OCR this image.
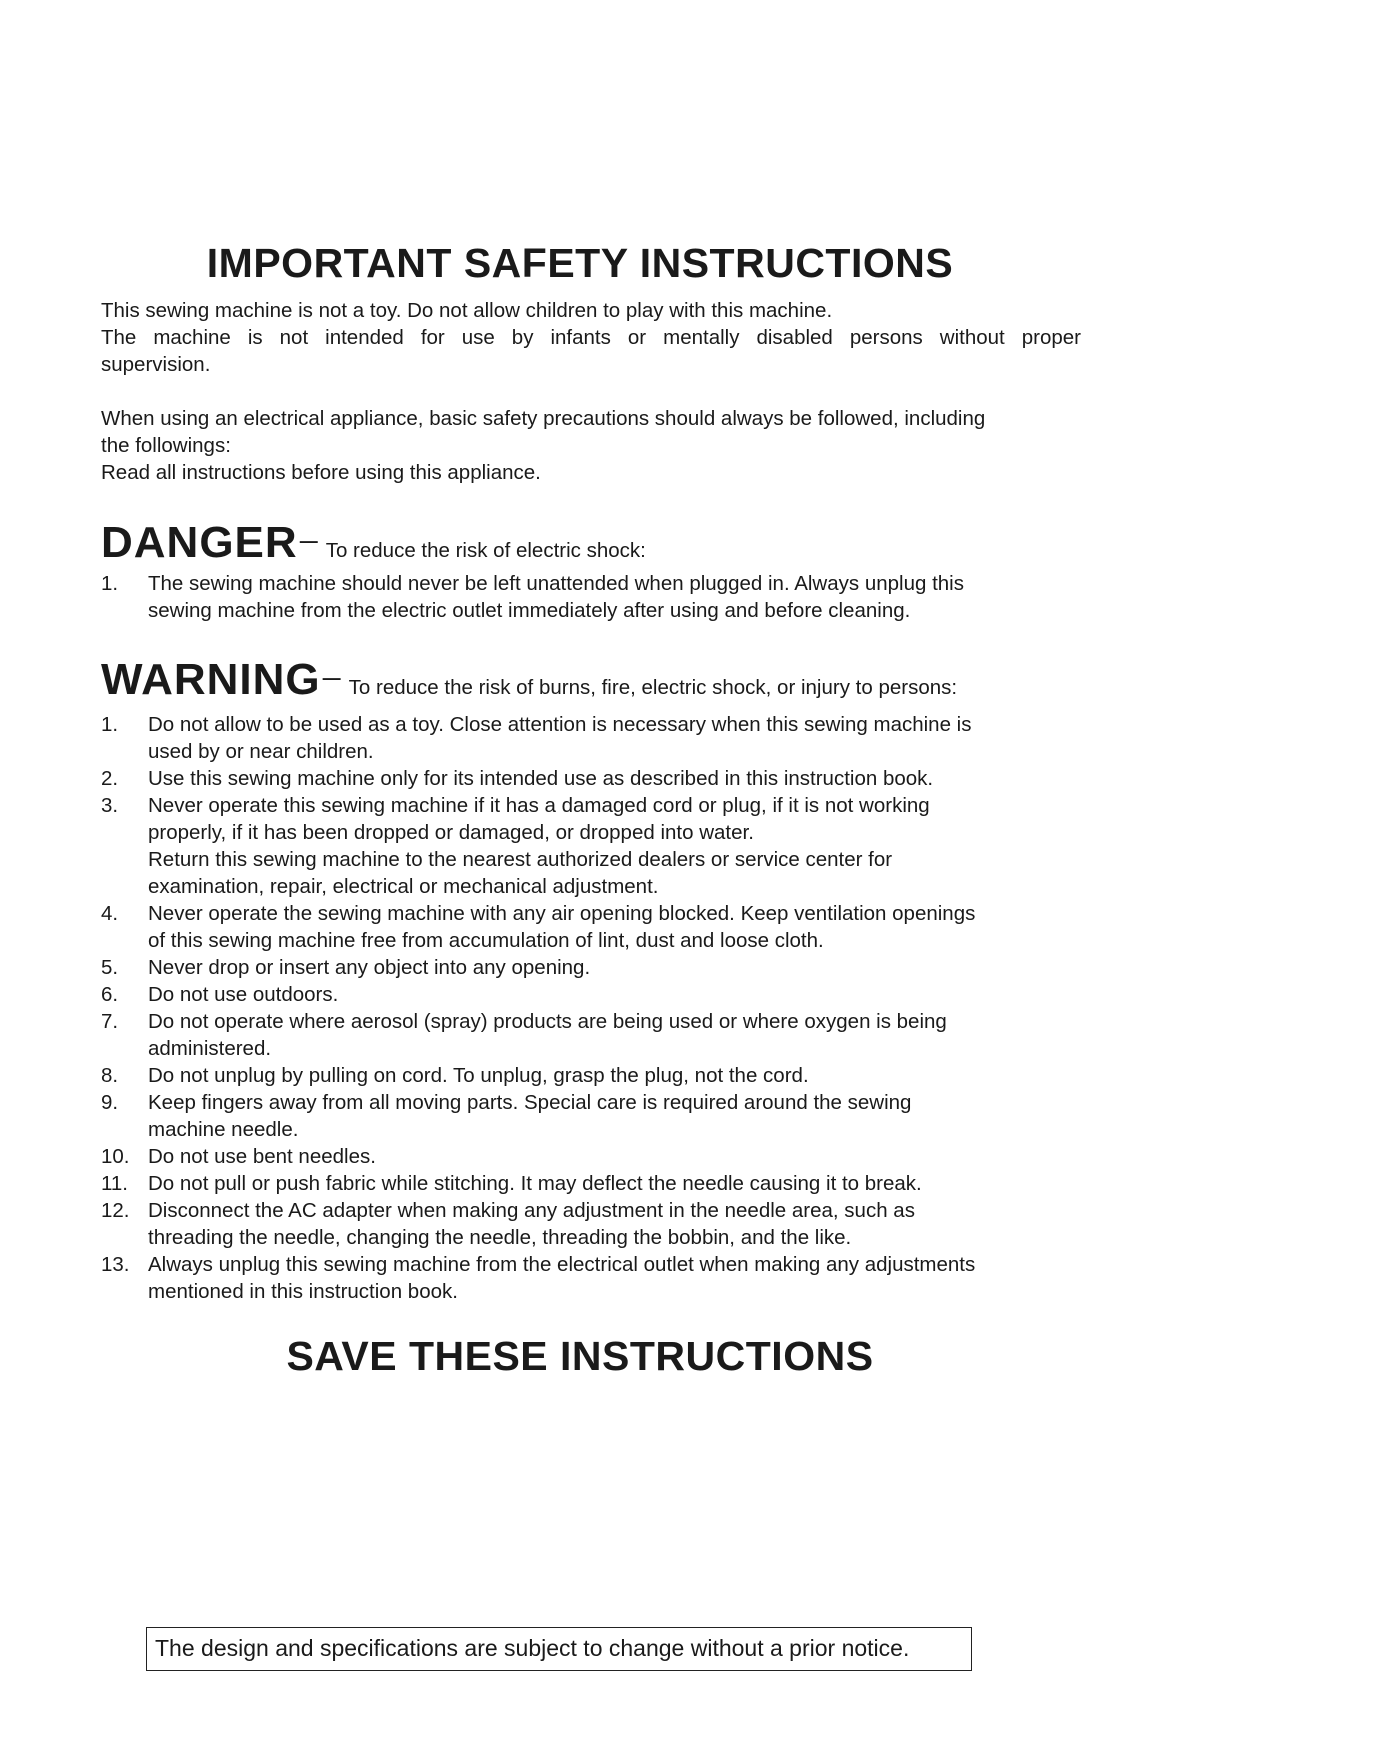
IMPORTANT SAFETY INSTRUCTIONS

This sewing machine is not a toy. Do not allow children to play with this machine.

The machine is not intended for use by infants or mentally disabled persons without proper

supervision.

When using an electrical appliance, basic safety precautions should always be followed, including

the followings:

Read all instructions before using this appliance.

DANGER — To reduce the risk of electric shock:
1. The sewing machine should never be left unattended when plugged in. Always unplug this
sewing machine from the electric outlet immediately after using and before cleaning.
WARNING — To reduce the risk of burns, fire, electric shock, or injury to persons:
1. Do not allow to be used as a toy. Close attention is necessary when this sewing machine is
used by or near children.
2. Use this sewing machine only for its intended use as described in this instruction book.
3. Never operate this sewing machine if it has a damaged cord or plug, if it is not working
properly, if it has been dropped or damaged, or dropped into water.
Return this sewing machine to the nearest authorized dealers or service center for
examination, repair, electrical or mechanical adjustment.
4. Never operate the sewing machine with any air opening blocked. Keep ventilation openings
of this sewing machine free from accumulation of lint, dust and loose cloth.
5. Never drop or insert any object into any opening.
6. Do not use outdoors.
7. Do not operate where aerosol (spray) products are being used or where oxygen is being
administered.
8. Do not unplug by pulling on cord. To unplug, grasp the plug, not the cord.
9. Keep fingers away from all moving parts. Special care is required around the sewing
machine needle.
10. Do not use bent needles.
11. Do not pull or push fabric while stitching. It may deflect the needle causing it to break.
12. Disconnect the AC adapter when making any adjustment in the needle area, such as
threading the needle, changing the needle, threading the bobbin, and the like.
13. Always unplug this sewing machine from the electrical outlet when making any adjustments
mentioned in this instruction book.
SAVE THESE INSTRUCTIONS
The design and specifications are subject to change without a prior notice.
